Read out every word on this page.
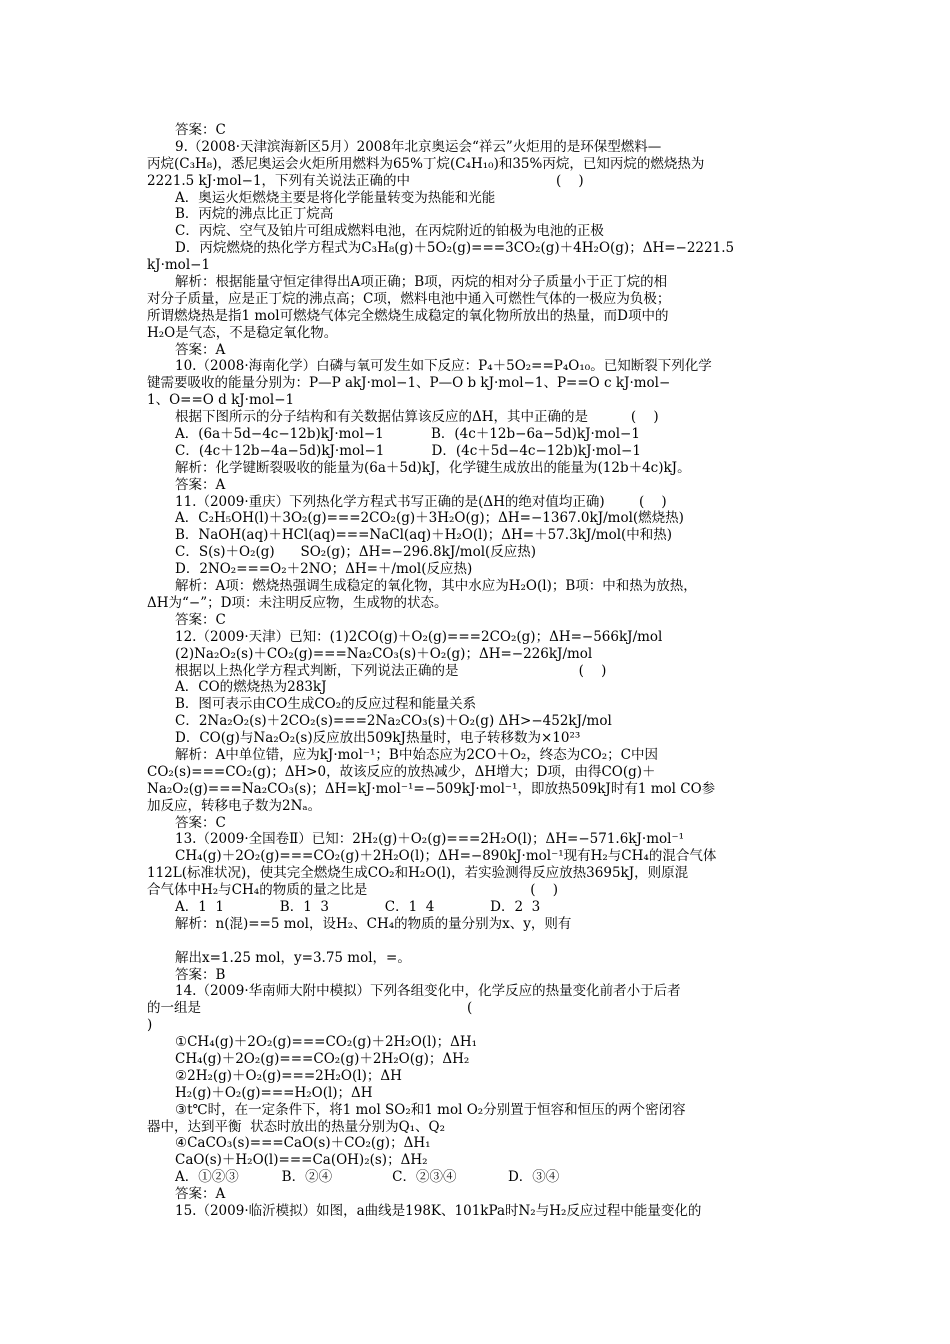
答案：C
9.（2008·天津滨海新区5月）2008年北京奥运会“祥云”火炬用的是环保型燃料—
丙烷(C₃H₈)，悉尼奥运会火炬所用燃料为65%丁烷(C₄H₁₀)和35%丙烷，已知丙烷的燃烧热为
2221.5 kJ·mol−1，下列有关说法正确的中                                  (    )
A．奥运火炬燃烧主要是将化学能量转变为热能和光能
B．丙烷的沸点比正丁烷高
C．丙烷、空气及铂片可组成燃料电池，在丙烷附近的铂极为电池的正极
D．丙烷燃烧的热化学方程式为C₃H₈(g)＋5O₂(g)===3CO₂(g)＋4H₂O(g)；ΔH=−2221.5
kJ·mol−1
解析：根据能量守恒定律得出A项正确；B项，丙烷的相对分子质量小于正丁烷的相
对分子质量，应是正丁烷的沸点高；C项，燃料电池中通入可燃性气体的一极应为负极；
所谓燃烧热是指1 mol可燃烧气体完全燃烧生成稳定的氧化物所放出的热量，而D项中的
H₂O是气态，不是稳定氧化物。
答案：A
10.（2008·海南化学）白磷与氧可发生如下反应：P₄＋5O₂==P₄O₁₀。已知断裂下列化学
键需要吸收的能量分别为：P—P akJ·mol−1、P—O b kJ·mol−1、P==O c kJ·mol−
1、O==O d kJ·mol−1
根据下图所示的分子结构和有关数据估算该反应的ΔH，其中正确的是          (    )
A．(6a＋5d−4c−12b)kJ·mol−1           B．(4c＋12b−6a−5d)kJ·mol−1
C．(4c＋12b−4a−5d)kJ·mol−1           D．(4c＋5d−4c−12b)kJ·mol−1
解析：化学键断裂吸收的能量为(6a＋5d)kJ，化学键生成放出的能量为(12b＋4c)kJ。
答案：A
11.（2009·重庆）下列热化学方程式书写正确的是(ΔH的绝对值均正确)        (    )
A．C₂H₅OH(l)＋3O₂(g)===2CO₂(g)＋3H₂O(g)；ΔH=−1367.0kJ/mol(燃烧热)
B．NaOH(aq)＋HCl(aq)===NaCl(aq)＋H₂O(l)；ΔH=＋57.3kJ/mol(中和热)
C．S(s)＋O₂(g)      SO₂(g)；ΔH=−296.8kJ/mol(反应热)
D．2NO₂===O₂＋2NO；ΔH=＋/mol(反应热)
解析：A项：燃烧热强调生成稳定的氧化物，其中水应为H₂O(l)；B项：中和热为放热，
ΔH为“−”；D项：未注明反应物，生成物的状态。
答案：C
12.（2009·天津）已知：(1)2CO(g)＋O₂(g)===2CO₂(g)；ΔH=−566kJ/mol
(2)Na₂O₂(s)＋CO₂(g)===Na₂CO₃(s)＋O₂(g)；ΔH=−226kJ/mol
根据以上热化学方程式判断，下列说法正确的是                            (    )
A．CO的燃烧热为283kJ
B．图可表示由CO生成CO₂的反应过程和能量关系
C．2Na₂O₂(s)＋2CO₂(s)===2Na₂CO₃(s)＋O₂(g) ΔH>−452kJ/mol
D．CO(g)与Na₂O₂(s)反应放出509kJ热量时，电子转移数为×10²³
解析：A中单位错，应为kJ·mol⁻¹；B中始态应为2CO＋O₂，终态为CO₂；C中因
CO₂(s)===CO₂(g)；ΔH>0，故该反应的放热减少，ΔH增大；D项，由得CO(g)＋
Na₂O₂(g)===Na₂CO₃(s)；ΔH=kJ·mol⁻¹=−509kJ·mol⁻¹，即放热509kJ时有1 mol CO参
加反应，转移电子数为2Nₐ。
答案：C
13.（2009·全国卷Ⅱ）已知：2H₂(g)＋O₂(g)===2H₂O(l)；ΔH=−571.6kJ·mol⁻¹
CH₄(g)＋2O₂(g)===CO₂(g)＋2H₂O(l)；ΔH=−890kJ·mol⁻¹现有H₂与CH₄的混合气体
112L(标准状况)，使其完全燃烧生成CO₂和H₂O(l)，若实验测得反应放热3695kJ，则原混
合气体中H₂与CH₄的物质的量之比是                                      (    )
A．1  1             B．1  3             C．1  4             D．2  3
解析：n(混)==5 mol，设H₂、CH₄的物质的量分别为x、y，则有
解出x=1.25 mol，y=3.75 mol，=。
答案：B
14.（2009·华南师大附中模拟）下列各组变化中，化学反应的热量变化前者小于后者
的一组是                                                              (
)
①CH₄(g)＋2O₂(g)===CO₂(g)＋2H₂O(l)；ΔH₁
CH₄(g)＋2O₂(g)===CO₂(g)＋2H₂O(g)；ΔH₂
②2H₂(g)＋O₂(g)===2H₂O(l)；ΔH
H₂(g)＋O₂(g)===H₂O(l)；ΔH
③t℃时，在一定条件下，将1 mol SO₂和1 mol O₂分别置于恒容和恒压的两个密闭容
器中，达到平衡  状态时放出的热量分别为Q₁、Q₂
④CaCO₃(s)===CaO(s)＋CO₂(g)；ΔH₁
CaO(s)＋H₂O(l)===Ca(OH)₂(s)；ΔH₂
A．①②③          B．②④              C．②③④            D．③④
答案：A
15.（2009·临沂模拟）如图，a曲线是198K、101kPa时N₂与H₂反应过程中能量变化的
